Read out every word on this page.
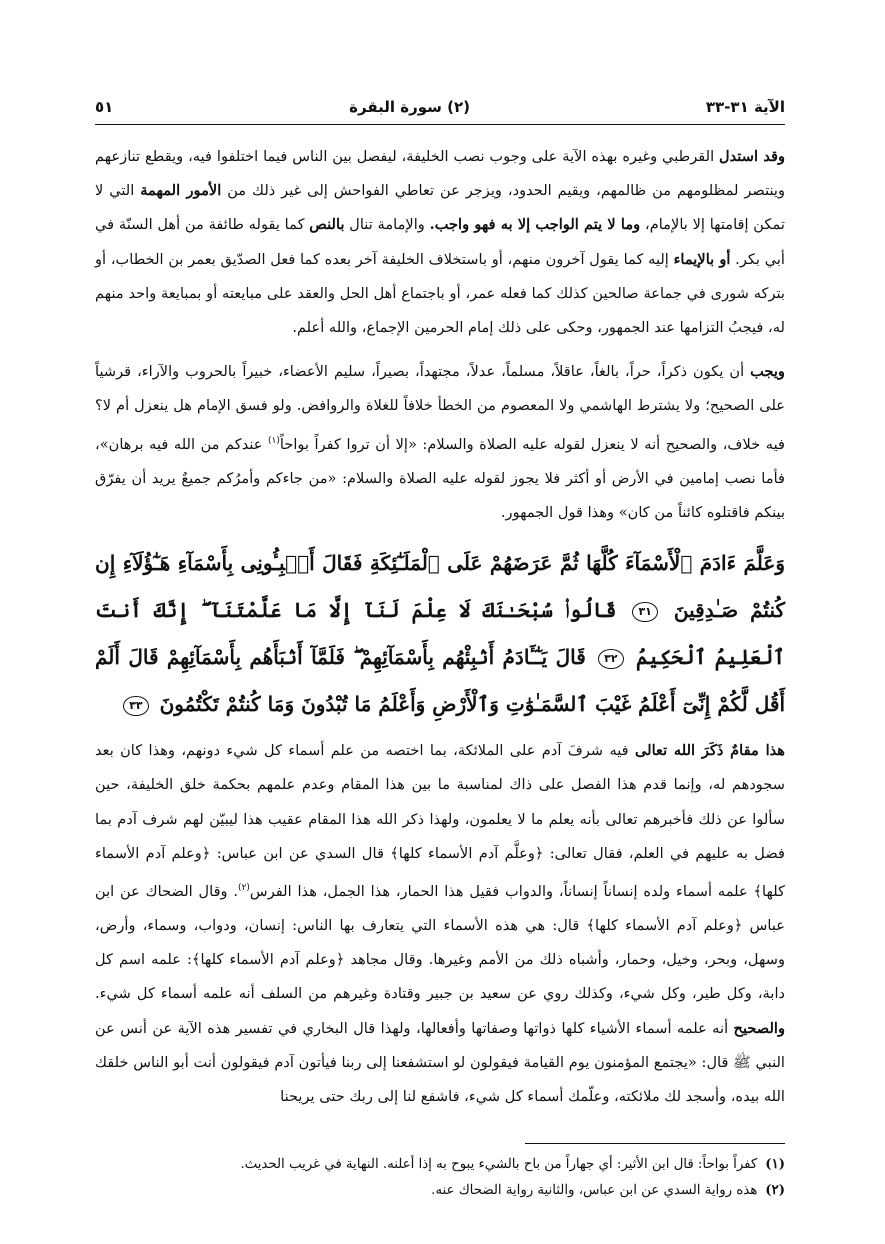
الآية ٣١-٣٣
(٢) سورة البقرة
٥١

وقد استدل القرطبي وغيره بهذه الآية على وجوب نصب الخليفة، ليفصل بين الناس فيما اختلفوا فيه، ويقطع تنازعهم وينتصر لمظلومهم من ظالمهم، ويقيم الحدود، ويزجر عن تعاطي الفواحش إلى غير ذلك من الأمور المهمة التي لا تمكن إقامتها إلا بالإمام، وما لا يتم الواجب إلا به فهو واجب. والإمامة تنال بالنص كما يقوله طائفة من أهل السنّة في أبي بكر. أو بالإيماء إليه كما يقول آخرون منهم، أو باستخلاف الخليفة آخر بعده كما فعل الصدّيق بعمر بن الخطاب، أو بتركه شورى في جماعة صالحين كذلك كما فعله عمر، أو باجتماع أهل الحل والعقد على مبايعته أو بمبايعة واحد منهم له، فيجبُ التزامها عند الجمهور، وحكى على ذلك إمام الحرمين الإجماع، والله أعلم.

ويجب أن يكون ذكراً، حراً، بالغاً، عاقلاً، مسلماً، عدلاً، مجتهداً، بصيراً، سليم الأعضاء، خبيراً بالحروب والآراء، قرشياً على الصحيح؛ ولا يشترط الهاشمي ولا المعصوم من الخطأ خلافاً للغلاة والروافض. ولو فسق الإمام هل ينعزل أم لا؟ فيه خلاف، والصحيح أنه لا ينعزل لقوله عليه الصلاة والسلام: «إلا أن تروا كفراً بواحاً$^{(١)}$ عندكم من الله فيه برهان»، فأما نصب إمامين في الأرض أو أكثر فلا يجوز لقوله عليه الصلاة والسلام: «من جاءكم وأمرُكم جميعٌ يريد أن يفرّق بينكم فاقتلوه كائناً من كان» وهذا قول الجمهور.

وَعَلَّمَ ءَادَمَ ٱلْأَسْمَآءَ كُلَّهَا ثُمَّ عَرَضَهُمْ عَلَى ٱلْمَلَـٰٓئِكَةِ فَقَالَ أَنۢبِـُٔونِى بِأَسْمَآءِ هَـٰٓؤُلَآءِ إِن كُنتُمْ صَـٰدِقِينَ ٣١ قَالُوا۟ سُبْحَـٰنَكَ لَا عِلْمَ لَنَآ إِلَّا مَا عَلَّمْتَنَآ ۖ إِنَّكَ أَنتَ ٱلْعَلِيمُ ٱلْحَكِيمُ ٣٢ قَالَ يَـٰٓـَٔادَمُ أَنۢبِئْهُم بِأَسْمَآئِهِمْ ۖ فَلَمَّآ أَنۢبَأَهُم بِأَسْمَآئِهِمْ قَالَ أَلَمْ أَقُل لَّكُمْ إِنِّىٓ أَعْلَمُ غَيْبَ ٱلسَّمَـٰوَٰتِ وَٱلْأَرْضِ وَأَعْلَمُ مَا تُبْدُونَ وَمَا كُنتُمْ تَكْتُمُونَ ٣٣

هذا مقامٌ ذَكَرَ الله تعالى فيه شرفَ آدم على الملائكة، بما اختصه من علم أسماء كل شيء دونهم، وهذا كان بعد سجودهم له، وإنما قدم هذا الفصل على ذاك لمناسبة ما بين هذا المقام وعدم علمهم بحكمة خلق الخليفة، حين سألوا عن ذلك فأخبرهم تعالى بأنه يعلم ما لا يعلمون، ولهذا ذكر الله هذا المقام عقيب هذا ليبيّن لهم شرف آدم بما فضل به عليهم في العلم، فقال تعالى: ﴿وعلَّم آدم الأسماء كلها﴾ قال السدي عن ابن عباس: ﴿وعلم آدم الأسماء كلها﴾ علمه أسماء ولده إنساناً إنساناً، والدواب فقيل هذا الحمار، هذا الجمل، هذا الفرس$^{(٢)}$. وقال الضحاك عن ابن عباس ﴿وعلم آدم الأسماء كلها﴾ قال: هي هذه الأسماء التي يتعارف بها الناس: إنسان، ودواب، وسماء، وأرض، وسهل، وبحر، وخيل، وحمار، وأشباه ذلك من الأمم وغيرها. وقال مجاهد ﴿وعلم آدم الأسماء كلها﴾: علمه اسم كل دابة، وكل طير، وكل شيء، وكذلك روي عن سعيد بن جبير وقتادة وغيرهم من السلف أنه علمه أسماء كل شيء. والصحيح أنه علمه أسماء الأشياء كلها ذواتها وصفاتها وأفعالها، ولهذا قال البخاري في تفسير هذه الآية عن أنس عن النبي ﷺ قال: «يجتمع المؤمنون يوم القيامة فيقولون لو استشفعنا إلى ربنا فيأتون آدم فيقولون أنت أبو الناس خلقك الله بيده، وأسجد لك ملائكته، وعلّمك أسماء كل شيء، فاشفع لنا إلى ربك حتى يريحنا

(١)
كفراً بواحاً: قال ابن الأثير: أي جهاراً من باح بالشيء يبوح به إذا أعلنه. النهاية في غريب الحديث.
(٢)
هذه رواية السدي عن ابن عباس، والثانية رواية الضحاك عنه.
